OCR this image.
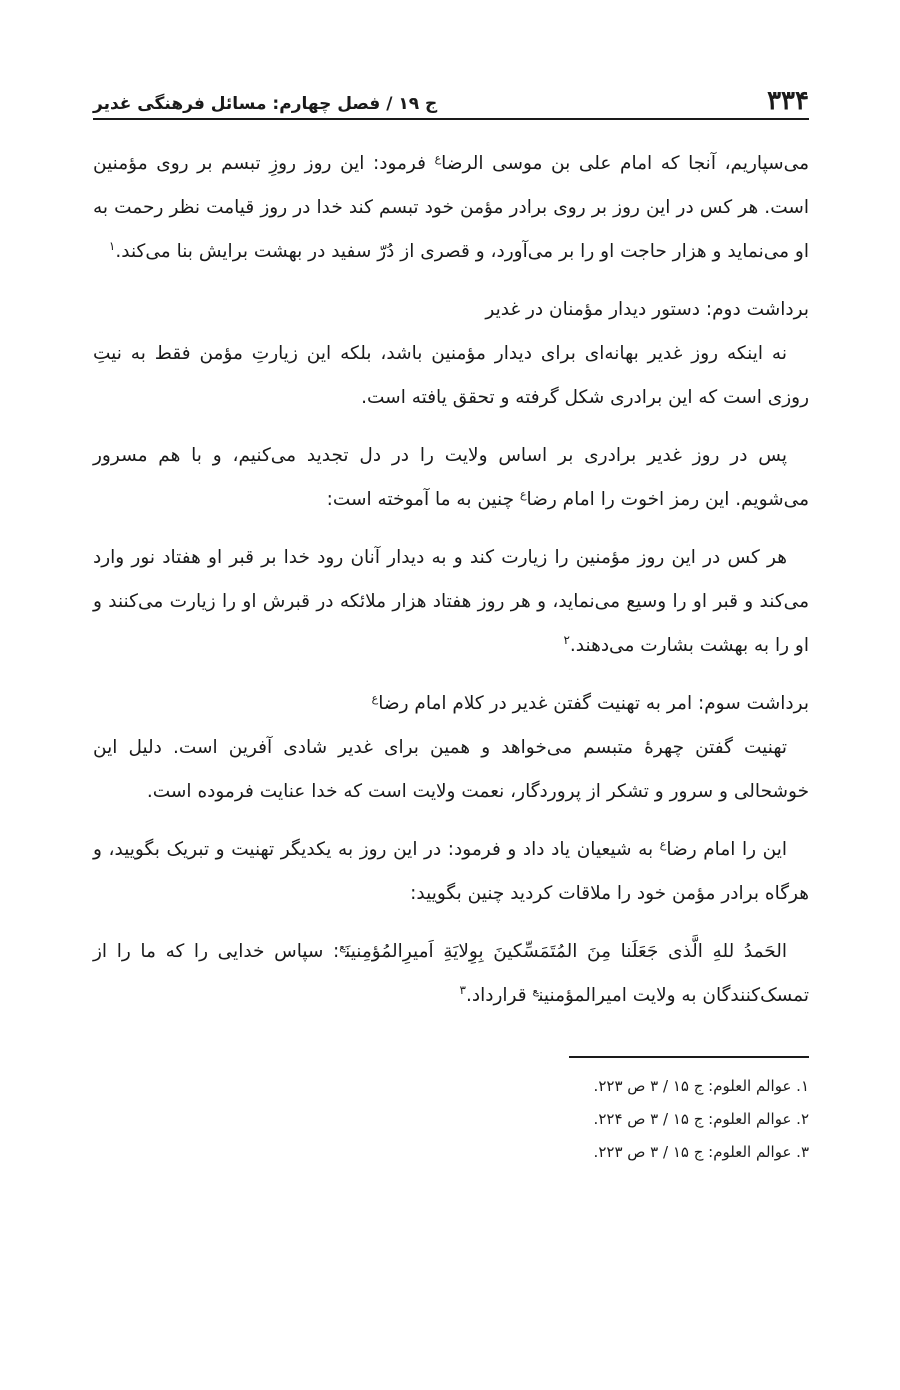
۳۳۴
ج ۱۹ / فصل چهارم: مسائل فرهنگی غدیر

می‌سپاریم، آنجا که امام علی بن موسی الرضا$^ع$ فرمود: این روز روزِ تبسم بر روی مؤمنین است. هر کس در این روز بر روی برادر مؤمن خود تبسم کند خدا در روز قیامت نظر رحمت به او می‌نماید و هزار حاجت او را بر می‌آورد، و قصری از دُرّ سفید در بهشت برایش بنا می‌کند.$^۱$

برداشت دوم: دستور دیدار مؤمنان در غدیر

نه اینکه روز غدیر بهانه‌ای برای دیدار مؤمنین باشد، بلکه این زیارتِ مؤمن فقط به نیتِ روزی است که این برادری شکل گرفته و تحقق یافته است.

پس در روز غدیر برادری بر اساس ولایت را در دل تجدید می‌کنیم، و با هم مسرور می‌شویم. این رمز اخوت را امام رضا$^ع$ چنین به ما آموخته است:

هر کس در این روز مؤمنین را زیارت کند و به دیدار آنان رود خدا بر قبر او هفتاد نور وارد می‌کند و قبر او را وسیع می‌نماید، و هر روز هفتاد هزار ملائکه در قبرش او را زیارت می‌کنند و او را به بهشت بشارت می‌دهند.$^۲$

برداشت سوم: امر به تهنیت گفتن غدیر در کلام امام رضا$^ع$

تهنیت گفتن چهرهٔ متبسم می‌خواهد و همین برای غدیر شادی آفرین است. دلیل این خوشحالی و سرور و تشکر از پروردگار، نعمت ولایت است که خدا عنایت فرموده است.

این را امام رضا$^ع$ به شیعیان یاد داد و فرمود: در این روز به یکدیگر تهنیت و تبریک بگویید، و هرگاه برادر مؤمن خود را ملاقات کردید چنین بگویید:

الحَمدُ للهِ الَّذی جَعَلَنا مِنَ المُتَمَسِّکینَ بِوِلایَةِ اَمیرِالمُؤمِنینَ$^ع$: سپاس خدایی را که ما را از تمسک‌کنندگان به ولایت امیرالمؤمنین$^ع$ قرارداد.$^۳$

۱. عوالم العلوم: ج ۱۵ / ۳ ص ۲۲۳.

۲. عوالم العلوم: ج ۱۵ / ۳ ص ۲۲۴.

۳. عوالم العلوم: ج ۱۵ / ۳ ص ۲۲۳.
